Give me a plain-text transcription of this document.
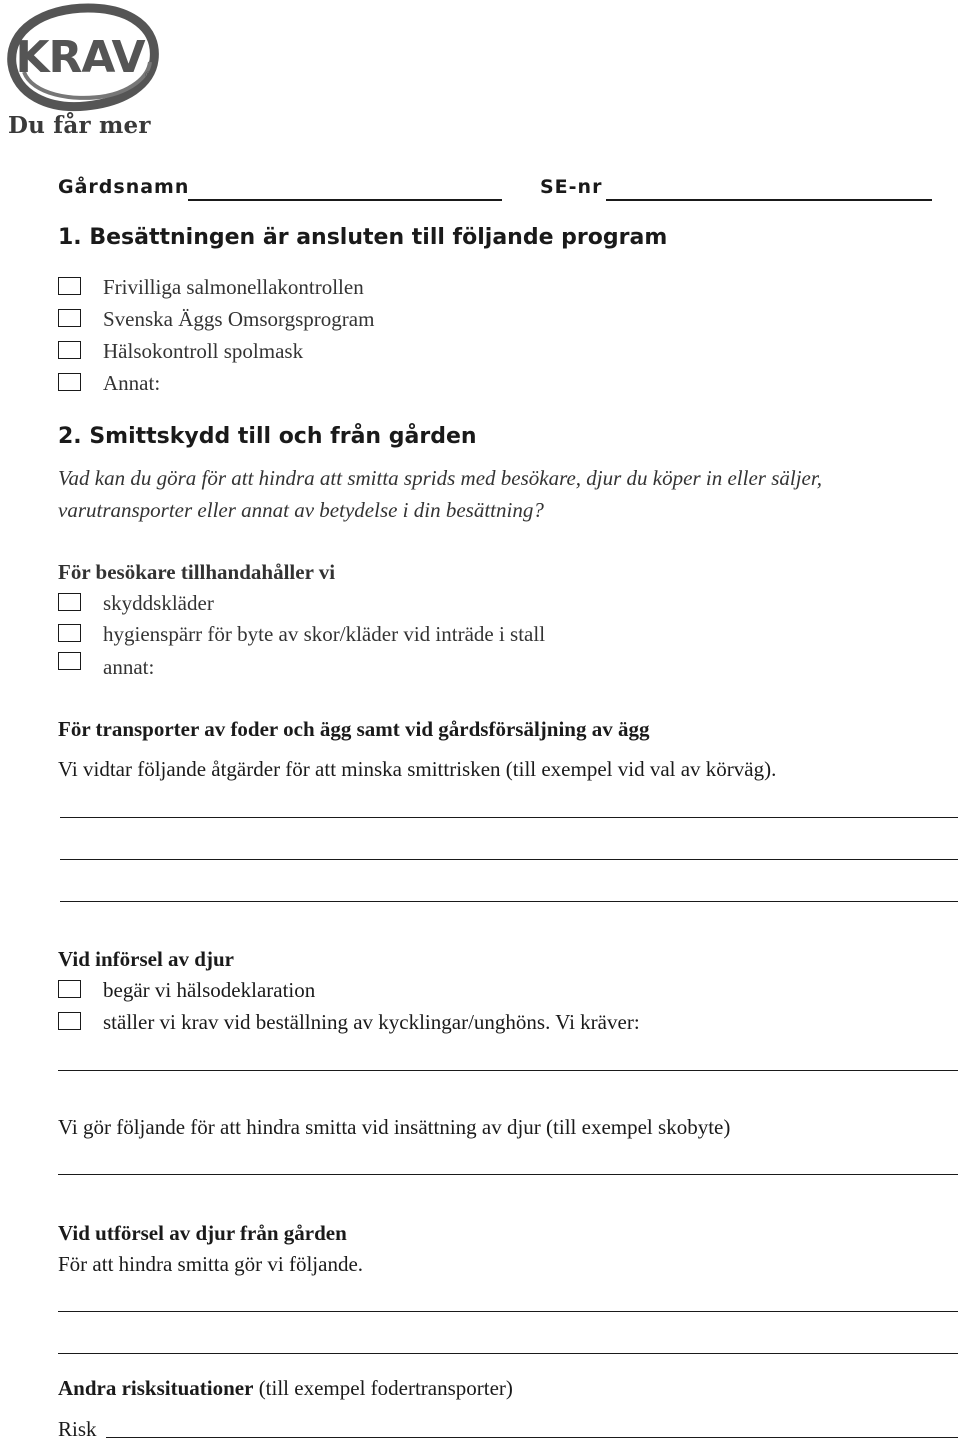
KRAV ®
Du får mer
Gårdsnamn	SE-nr
1. Besättningen är ansluten till följande program
Frivilliga salmonellakontrollen
Svenska Äggs Omsorgsprogram
Hälsokontroll spolmask
Annat:
2. Smittskydd till och från gården
Vad kan du göra för att hindra att smitta sprids med besökare, djur du köper in eller säljer,
varutransporter eller annat av betydelse i din besättning?
För besökare tillhandahåller vi
skyddskläder
hygienspärr för byte av skor/kläder vid inträde i stall
annat:
För transporter av foder och ägg samt vid gårdsförsäljning av ägg
Vi vidtar följande åtgärder för att minska smittrisken (till exempel vid val av körväg).
Vid införsel av djur
begär vi hälsodeklaration
ställer vi krav vid beställning av kycklingar/unghöns. Vi kräver:
Vi gör följande för att hindra smitta vid insättning av djur (till exempel skobyte)
Vid utförsel av djur från gården
För att hindra smitta gör vi följande.
Andra risksituationer (till exempel fodertransporter)
Risk
